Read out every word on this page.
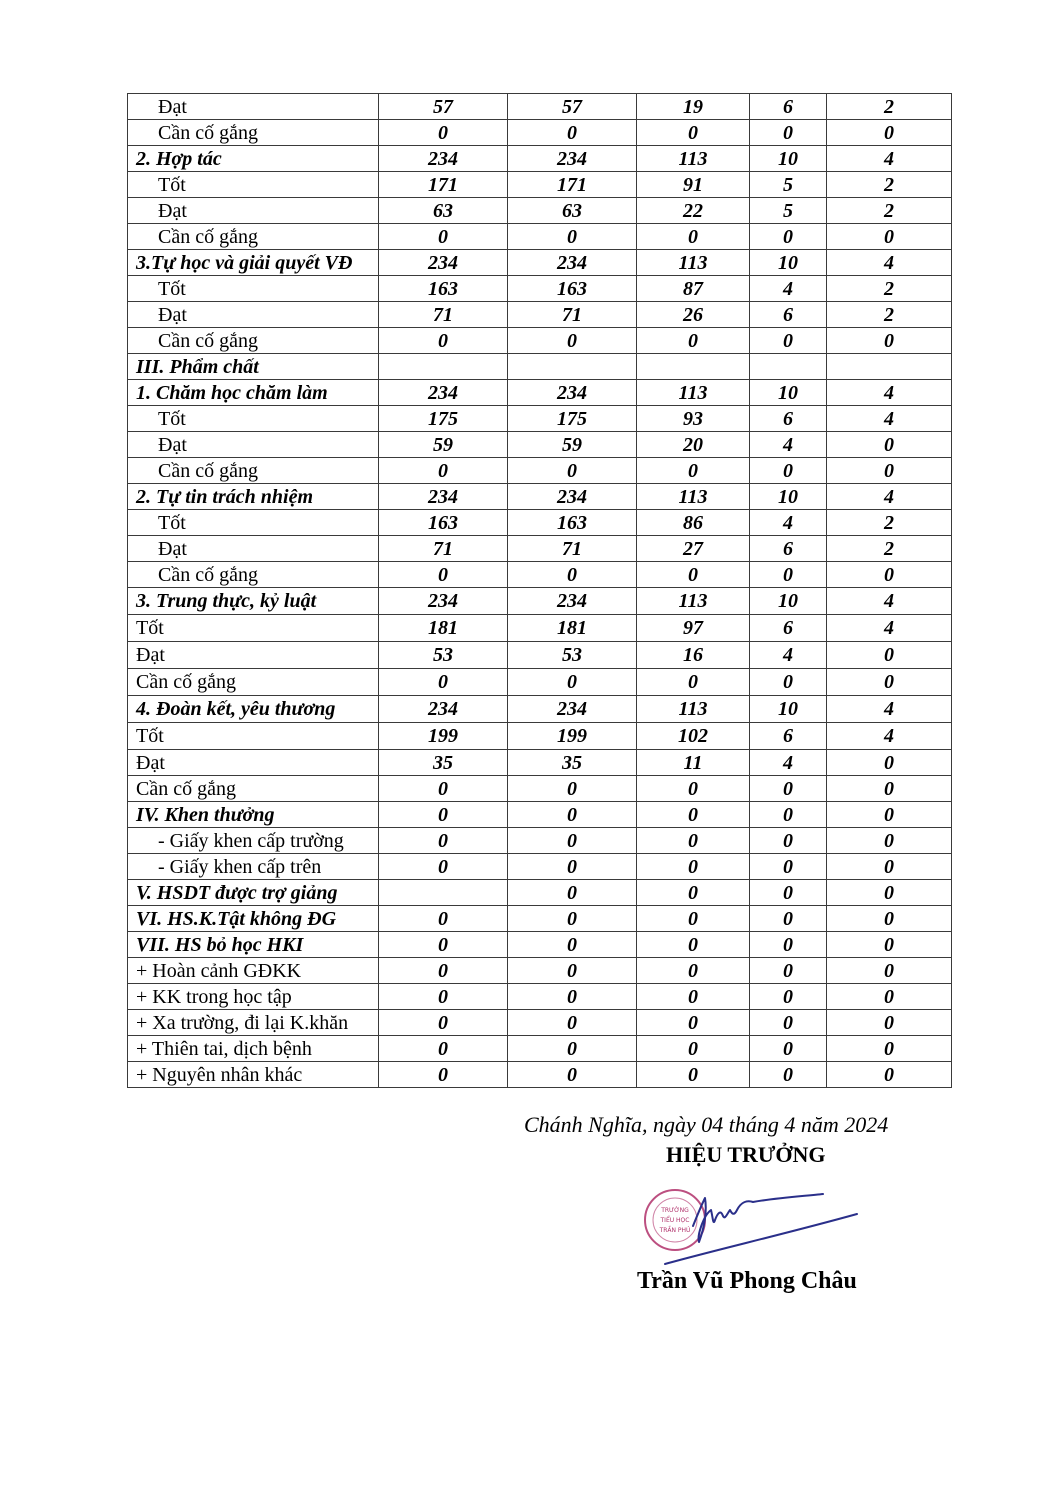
Đạt	57	57	19	6	2
Cần cố gắng	0	0	0	0	0
2. Hợp tác	234	234	113	10	4
Tốt	171	171	91	5	2
Đạt	63	63	22	5	2
Cần cố gắng	0	0	0	0	0
3.Tự học và giải quyết VĐ	234	234	113	10	4
Tốt	163	163	87	4	2
Đạt	71	71	26	6	2
Cần cố gắng	0	0	0	0	0
III. Phẩm chất					
1. Chăm học chăm làm	234	234	113	10	4
Tốt	175	175	93	6	4
Đạt	59	59	20	4	0
Cần cố gắng	0	0	0	0	0
2. Tự tin trách nhiệm	234	234	113	10	4
Tốt	163	163	86	4	2
Đạt	71	71	27	6	2
Cần cố gắng	0	0	0	0	0
3. Trung thực, kỷ luật	234	234	113	10	4
Tốt	181	181	97	6	4
Đạt	53	53	16	4	0
Cần cố gắng	0	0	0	0	0
4. Đoàn kết, yêu thương	234	234	113	10	4
Tốt	199	199	102	6	4
Đạt	35	35	11	4	0
Cần cố gắng	0	0	0	0	0
IV. Khen thưởng	0	0	0	0	0
- Giấy khen cấp trường	0	0	0	0	0
- Giấy khen cấp trên	0	0	0	0	0
V. HSDT được trợ giảng		0	0	0	0
VI. HS.K.Tật không ĐG	0	0	0	0	0
VII. HS bỏ học HKI	0	0	0	0	0
+ Hoàn cảnh GĐKK	0	0	0	0	0
+ KK trong học tập	0	0	0	0	0
+ Xa trường, đi lại K.khăn	0	0	0	0	0
+ Thiên tai, dịch bệnh	0	0	0	0	0
+ Nguyên nhân khác	0	0	0	0	0
Chánh Nghĩa, ngày 04 tháng 4 năm 2024
HIỆU TRƯỞNG
TRƯỜNG
TIỂU HỌC
TRẦN PHÚ
Trần Vũ Phong Châu
